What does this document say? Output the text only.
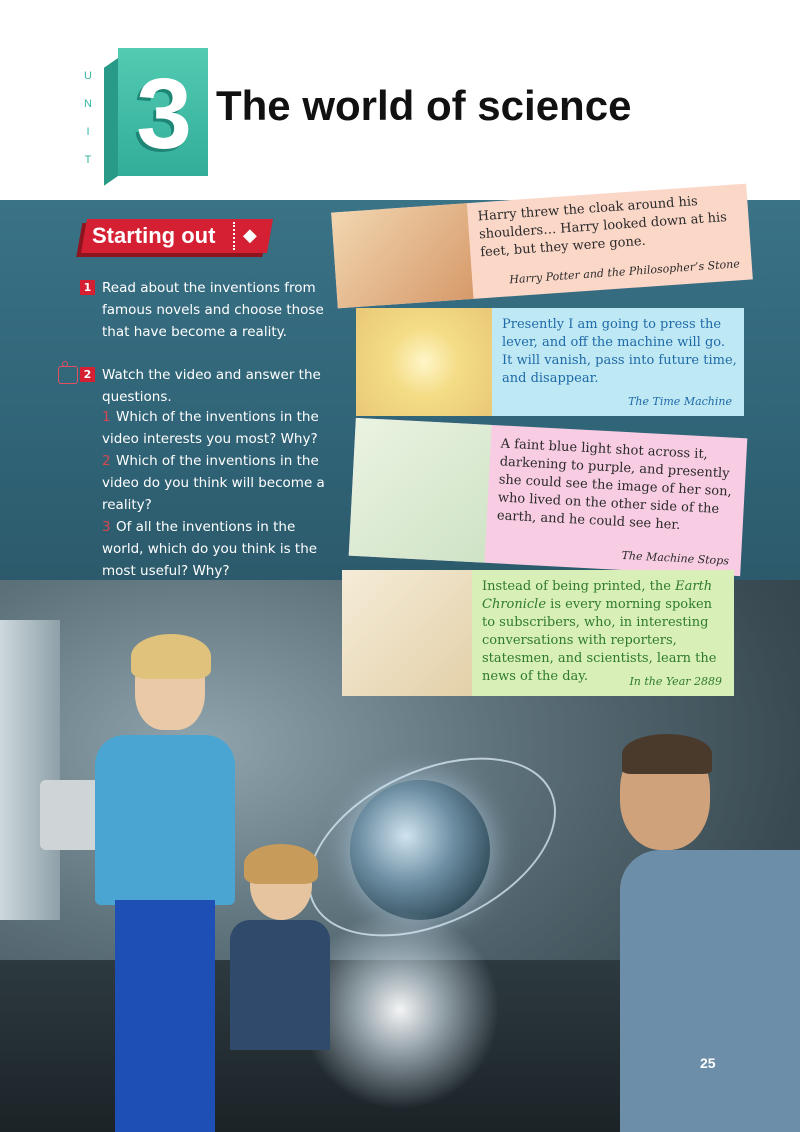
U
N
I
T 3 The world of science
Starting out ◆
1 Read about the inventions from famous novels and choose those that have become a reality.
2 Watch the video and answer the questions.
1 Which of the inventions in the video interests you most? Why?
2 Which of the inventions in the video do you think will become a reality?
3 Of all the inventions in the world, which do you think is the most useful? Why?
Harry threw the cloak around his shoulders… Harry looked down at his feet, but they were gone.
Harry Potter and the Philosopher’s Stone
Presently I am going to press the lever, and off the machine will go. It will vanish, pass into future time, and disappear.
The Time Machine
A faint blue light shot across it, darkening to purple, and presently she could see the image of her son, who lived on the other side of the earth, and he could see her.
The Machine Stops
Instead of being printed, the Earth Chronicle is every morning spoken to subscribers, who, in interesting conversations with reporters, statesmen, and scientists, learn the news of the day.	In the Year 2889
25
